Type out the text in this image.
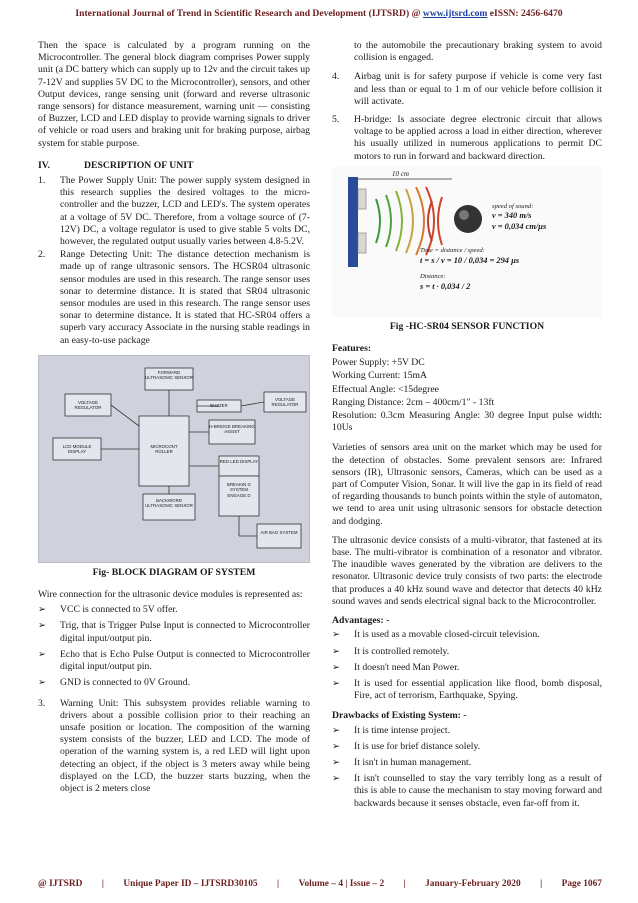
International Journal of Trend in Scientific Research and Development (IJTSRD) @ www.ijtsrd.com eISSN: 2456-6470

Then the space is calculated by a program running on the Microcontroller. The general block diagram comprises Power supply unit (a DC battery which can supply up to 12v and the circuit takes up 7-12V and supplies 5V DC to the Microcontroller), sensors, and other Output devices, range sensing unit (forward and reverse ultrasonic range sensors) for distance measurement, warning unit — consisting of Buzzer, LCD and LED display to provide warning signals to driver of vehicle or road users and braking unit for braking purpose, airbag system for stable purpose.

IV.	DESCRIPTION OF UNIT
1.	The Power Supply Unit: The power supply system designed in this research supplies the desired voltages to the micro-controller and the buzzer, LCD and LED's. The system operates at a voltage of 5V DC. Therefore, from a voltage source of (7-12V) DC, a voltage regulator is used to give stable 5 volts DC, however, the regulated output usually varies between 4.8-5.2V.
2.	Range Detecting Unit: The distance detection mechanism is made up of range ultrasonic sensors. The HCSR04 ultrasonic sensor modules are used in this research. The range sensor uses sonar to determine distance. It is stated that SR04 ultrasonic sensor modules are used in this research. The range sensor uses sonar to determine distance. It is stated that HC-SR04 offers a superb vary accuracy Associate in the nursing stable readings in an easy-to-use package
FORWARD ULTRASONIC SENSOR
VOLTAGE REGULATOR
VOLTAGE REGULATOR
BUZZER
LCD MODULE DISPLAY
MICROCONT ROLLER
H-BRIDGE BREAKING ASSIST
RED LED DISPLAY
BREAKIN G SYSTEM ENGAGE D
BACKWORD ULTRASONIC SENSOR
AIR BAG SYSTEM
Fig- BLOCK DIAGRAM OF SYSTEM

Wire connection for the ultrasonic device modules is represented as:

➢	VCC is connected to 5V offer.
➢	Trig, that is Trigger Pulse Input is connected to Microcontroller digital input/output pin.
➢	Echo that is Echo Pulse Output is connected to Microcontroller digital input/output pin.
➢	GND is connected to 0V Ground.
3.	Warning Unit: This subsystem provides reliable warning to drivers about a possible collision prior to their reaching an unsafe position or location. The composition of the warning system consists of the buzzer, LED and LCD. The mode of operation of the warning system is, a red LED will light upon detecting an object, if the object is 3 meters away while being displayed on the LCD, the buzzer starts buzzing, when the object is 2 meters close

to the automobile the precautionary braking system to avoid collision is engaged.

4.	Airbag unit is for safety purpose if vehicle is come very fast and less than or equal to 1 m of our vehicle before collision it will activate.
5.	H-bridge: Is associate degree electronic circuit that allows voltage to be applied across a load in either direction, wherever his usually utilized in numerous applications to permit DC motors to run in forward and backward direction.
10 cm
speed of sound:
v = 340 m/s
v = 0,034 cm/µs
Time = distance / speed:
t = s / v = 10 / 0,034 = 294 µs
Distance:
s = t · 0,034 / 2
Fig -HC-SR04 SENSOR FUNCTION
Features:

Power Supply: +5V DC

Working Current: 15mA

Effectual Angle: <15degree

Ranging Distance: 2cm – 400cm/1″ - 13ft

Resolution: 0.3cm Measuring Angle: 30 degree Input pulse width: 10Us

Varieties of sensors area unit on the market which may be used for the detection of obstacles. Some prevalent sensors are: Infrared sensors (IR), Ultrasonic sensors, Cameras, which can be used as a part of Computer Vision, Sonar. It will live the gap in its field of read of regarding thousands to bunch points within the style of automaton, we tend to area unit using ultrasonic sensors for obstacle detection and dodging.

The ultrasonic device consists of a multi-vibrator, that fastened at its base. The multi-vibrator is combination of a resonator and vibrator. The inaudible waves generated by the vibration are delivers to the resonator. Ultrasonic device truly consists of two parts: the electrode that produces a 40 kHz sound wave and detector that detects 40 kHz sound waves and sends electrical signal back to the Microcontroller.

Advantages: -
➢	It is used as a movable closed-circuit television.
➢	It is controlled remotely.
➢	It doesn't need Man Power.
➢	It is used for essential application like flood, bomb disposal, Fire, act of terrorism, Earthquake, Spying.
Drawbacks of Existing System: -
➢	It is time intense project.
➢	It is use for brief distance solely.
➢	It isn't in human management.
➢	It isn't counselled to stay the vary terribly long as a result of this is able to cause the mechanism to stay moving forward and backwards because it senses obstacle, even far-off from it.
@ IJTSRD | Unique Paper ID – IJTSRD30105 | Volume – 4 | Issue – 2 | January-February 2020 | Page 1067
